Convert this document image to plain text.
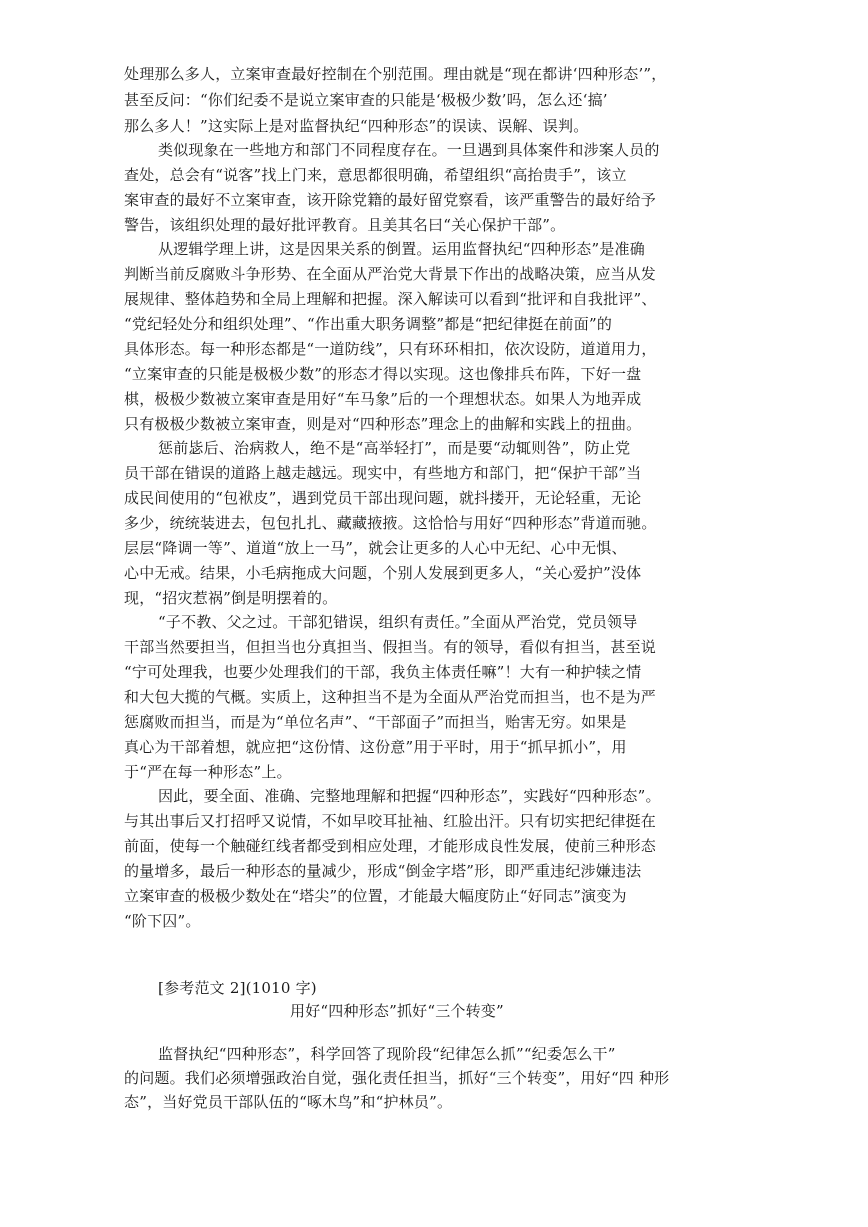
处理那么多人，立案审查最好控制在个别范围。理由就是“现在都讲‘四种形态’”，
甚至反问：“你们纪委不是说立案审查的只能是‘极极少数’吗，怎么还‘搞’
那么多人！”这实际上是对监督执纪“四种形态”的误读、误解、误判。
类似现象在一些地方和部门不同程度存在。一旦遇到具体案件和涉案人员的
查处，总会有“说客”找上门来，意思都很明确，希望组织“高抬贵手”，该立
案审查的最好不立案审查，该开除党籍的最好留党察看，该严重警告的最好给予
警告，该组织处理的最好批评教育。且美其名曰“关心保护干部”。
从逻辑学理上讲，这是因果关系的倒置。运用监督执纪“四种形态”是准确
判断当前反腐败斗争形势、在全面从严治党大背景下作出的战略决策，应当从发
展规律、整体趋势和全局上理解和把握。深入解读可以看到“批评和自我批评”、
“党纪轻处分和组织处理”、“作出重大职务调整”都是“把纪律挺在前面”的
具体形态。每一种形态都是“一道防线”，只有环环相扣，依次设防，道道用力，
“立案审查的只能是极极少数”的形态才得以实现。这也像排兵布阵，下好一盘
棋，极极少数被立案审查是用好“车马象”后的一个理想状态。如果人为地弄成
只有极极少数被立案审查，则是对“四种形态”理念上的曲解和实践上的扭曲。
惩前毖后、治病救人，绝不是“高举轻打”，而是要“动辄则咎”，防止党
员干部在错误的道路上越走越远。现实中，有些地方和部门，把“保护干部”当
成民间使用的“包袱皮”，遇到党员干部出现问题，就抖搂开，无论轻重，无论
多少，统统装进去，包包扎扎、藏藏掖掖。这恰恰与用好“四种形态”背道而驰。
层层“降调一等”、道道“放上一马”，就会让更多的人心中无纪、心中无惧、
心中无戒。结果，小毛病拖成大问题，个别人发展到更多人，“关心爱护”没体
现，“招灾惹祸”倒是明摆着的。
“子不教、父之过。干部犯错误，组织有责任。”全面从严治党，党员领导
干部当然要担当，但担当也分真担当、假担当。有的领导，看似有担当，甚至说
“宁可处理我，也要少处理我们的干部，我负主体责任嘛”！大有一种护犊之情
和大包大揽的气概。实质上，这种担当不是为全面从严治党而担当，也不是为严
惩腐败而担当，而是为“单位名声”、“干部面子”而担当，贻害无穷。如果是
真心为干部着想，就应把“这份情、这份意”用于平时，用于“抓早抓小”，用
于“严在每一种形态”上。
因此，要全面、准确、完整地理解和把握“四种形态”，实践好“四种形态”。
与其出事后又打招呼又说情，不如早咬耳扯袖、红脸出汗。只有切实把纪律挺在
前面，使每一个触碰红线者都受到相应处理，才能形成良性发展，使前三种形态
的量增多，最后一种形态的量减少，形成“倒金字塔”形，即严重违纪涉嫌违法
立案审查的极极少数处在“塔尖”的位置，才能最大幅度防止“好同志”演变为
“阶下囚”。
[参考范文 2](1010 字)
用好“四种形态”抓好“三个转变”
监督执纪“四种形态”，科学回答了现阶段“纪律怎么抓”“纪委怎么干”
的问题。我们必须增强政治自觉，强化责任担当，抓好“三个转变”，用好“四 种形
态”，当好党员干部队伍的“啄木鸟”和“护林员”。
